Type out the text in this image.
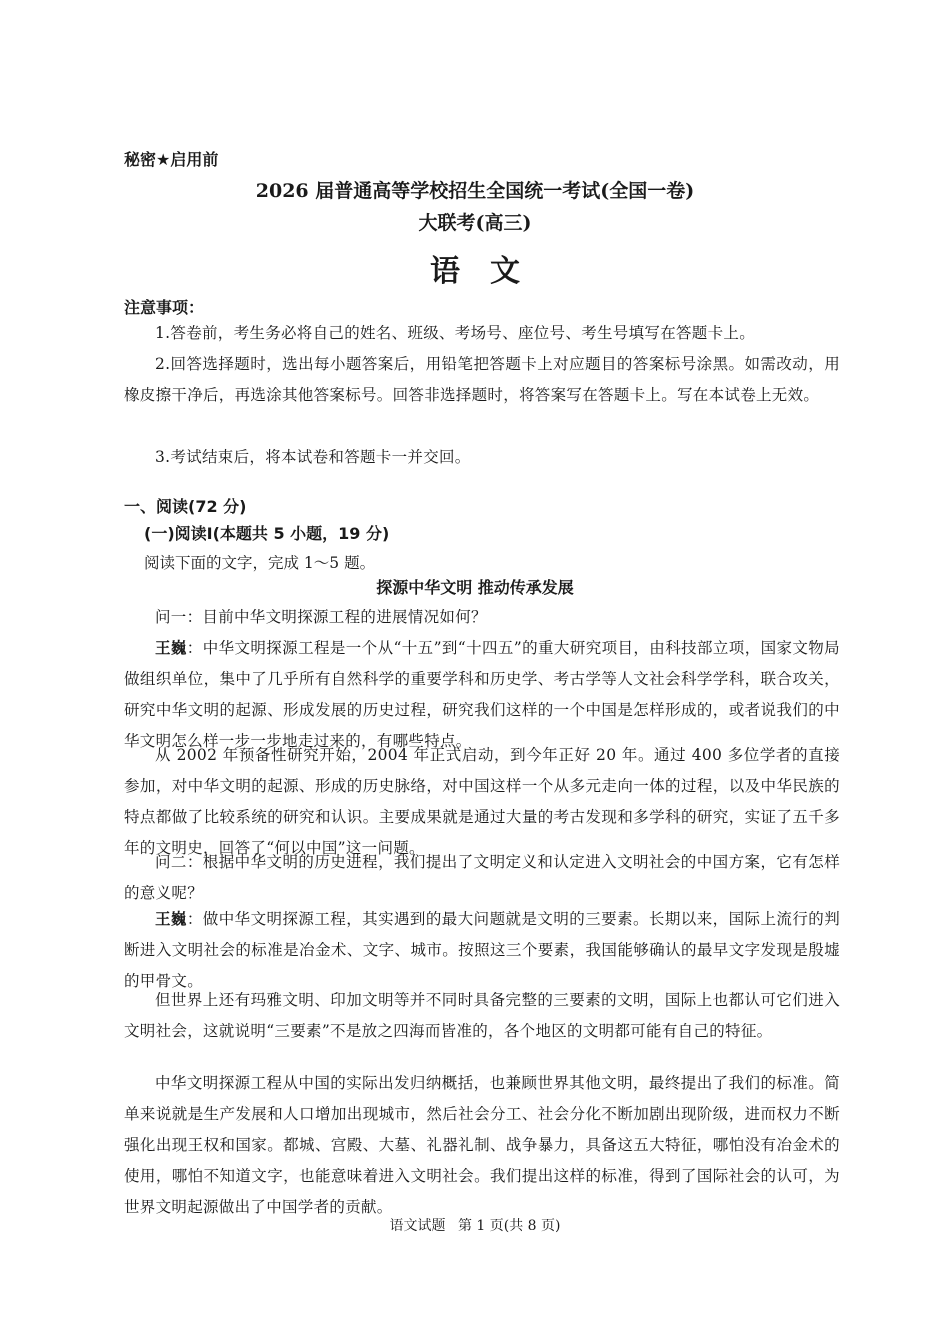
秘密★启用前
2026 届普通高等学校招生全国统一考试(全国一卷)
大联考(高三)
语文
注意事项：
1.答卷前，考生务必将自己的姓名、班级、考场号、座位号、考生号填写在答题卡上。
2.回答选择题时，选出每小题答案后，用铅笔把答题卡上对应题目的答案标号涂黑。如需改动，用橡皮擦干净后，再选涂其他答案标号。回答非选择题时，将答案写在答题卡上。写在本试卷上无效。
3.考试结束后，将本试卷和答题卡一并交回。
一、阅读(72 分)
(一)阅读Ⅰ(本题共 5 小题，19 分)
阅读下面的文字，完成 1～5 题。
探源中华文明 推动传承发展
问一：目前中华文明探源工程的进展情况如何？
王巍：中华文明探源工程是一个从“十五”到“十四五”的重大研究项目，由科技部立项，国家文物局做组织单位，集中了几乎所有自然科学的重要学科和历史学、考古学等人文社会科学学科，联合攻关，研究中华文明的起源、形成发展的历史过程，研究我们这样的一个中国是怎样形成的，或者说我们的中华文明怎么样一步一步地走过来的，有哪些特点。
从 2002 年预备性研究开始，2004 年正式启动，到今年正好 20 年。通过 400 多位学者的直接参加，对中华文明的起源、形成的历史脉络，对中国这样一个从多元走向一体的过程，以及中华民族的特点都做了比较系统的研究和认识。主要成果就是通过大量的考古发现和多学科的研究，实证了五千多年的文明史，回答了“何以中国”这一问题。
问二：根据中华文明的历史进程，我们提出了文明定义和认定进入文明社会的中国方案，它有怎样的意义呢？
王巍：做中华文明探源工程，其实遇到的最大问题就是文明的三要素。长期以来，国际上流行的判断进入文明社会的标准是冶金术、文字、城市。按照这三个要素，我国能够确认的最早文字发现是殷墟的甲骨文。
但世界上还有玛雅文明、印加文明等并不同时具备完整的三要素的文明，国际上也都认可它们进入文明社会，这就说明“三要素”不是放之四海而皆准的，各个地区的文明都可能有自己的特征。
中华文明探源工程从中国的实际出发归纳概括，也兼顾世界其他文明，最终提出了我们的标准。简单来说就是生产发展和人口增加出现城市，然后社会分工、社会分化不断加剧出现阶级，进而权力不断强化出现王权和国家。都城、宫殿、大墓、礼器礼制、战争暴力，具备这五大特征，哪怕没有冶金术的使用，哪怕不知道文字，也能意味着进入文明社会。我们提出这样的标准，得到了国际社会的认可，为世界文明起源做出了中国学者的贡献。
语文试题 第 1 页(共 8 页)
